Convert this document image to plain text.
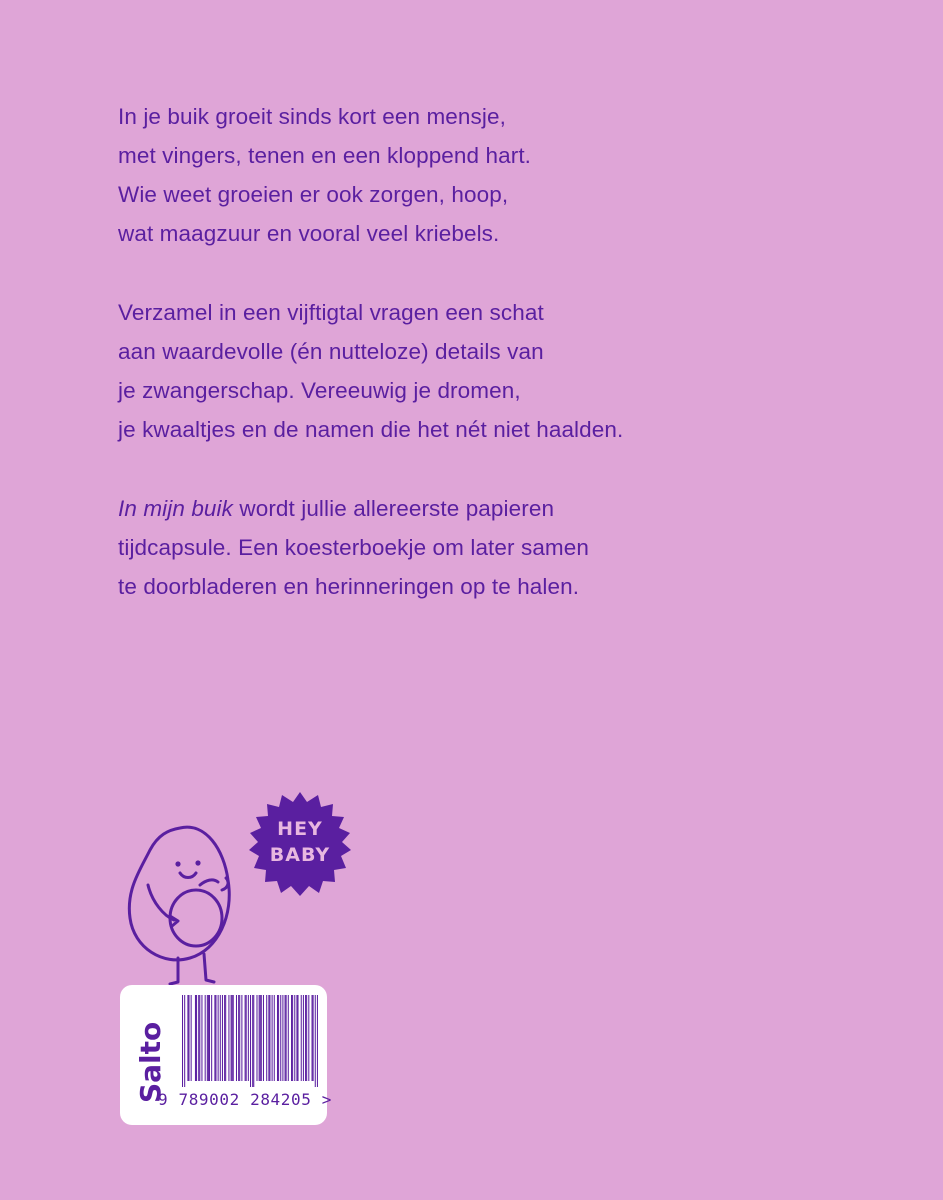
In je buik groeit sinds kort een mensje,
met vingers, tenen en een kloppend hart.
Wie weet groeien er ook zorgen, hoop,
wat maagzuur en vooral veel kriebels.

Verzamel in een vijftigtal vragen een schat
aan waardevolle (én nutteloze) details van
je zwangerschap. Vereeuwig je dromen,
je kwaaltjes en de namen die het nét niet haalden.

In mijn buik wordt jullie allereerste papieren
tijdcapsule. Een koesterboekje om later samen
te doorbladeren en herinneringen op te halen.

HEY
BABY
Salto
9 789002 284205 >
